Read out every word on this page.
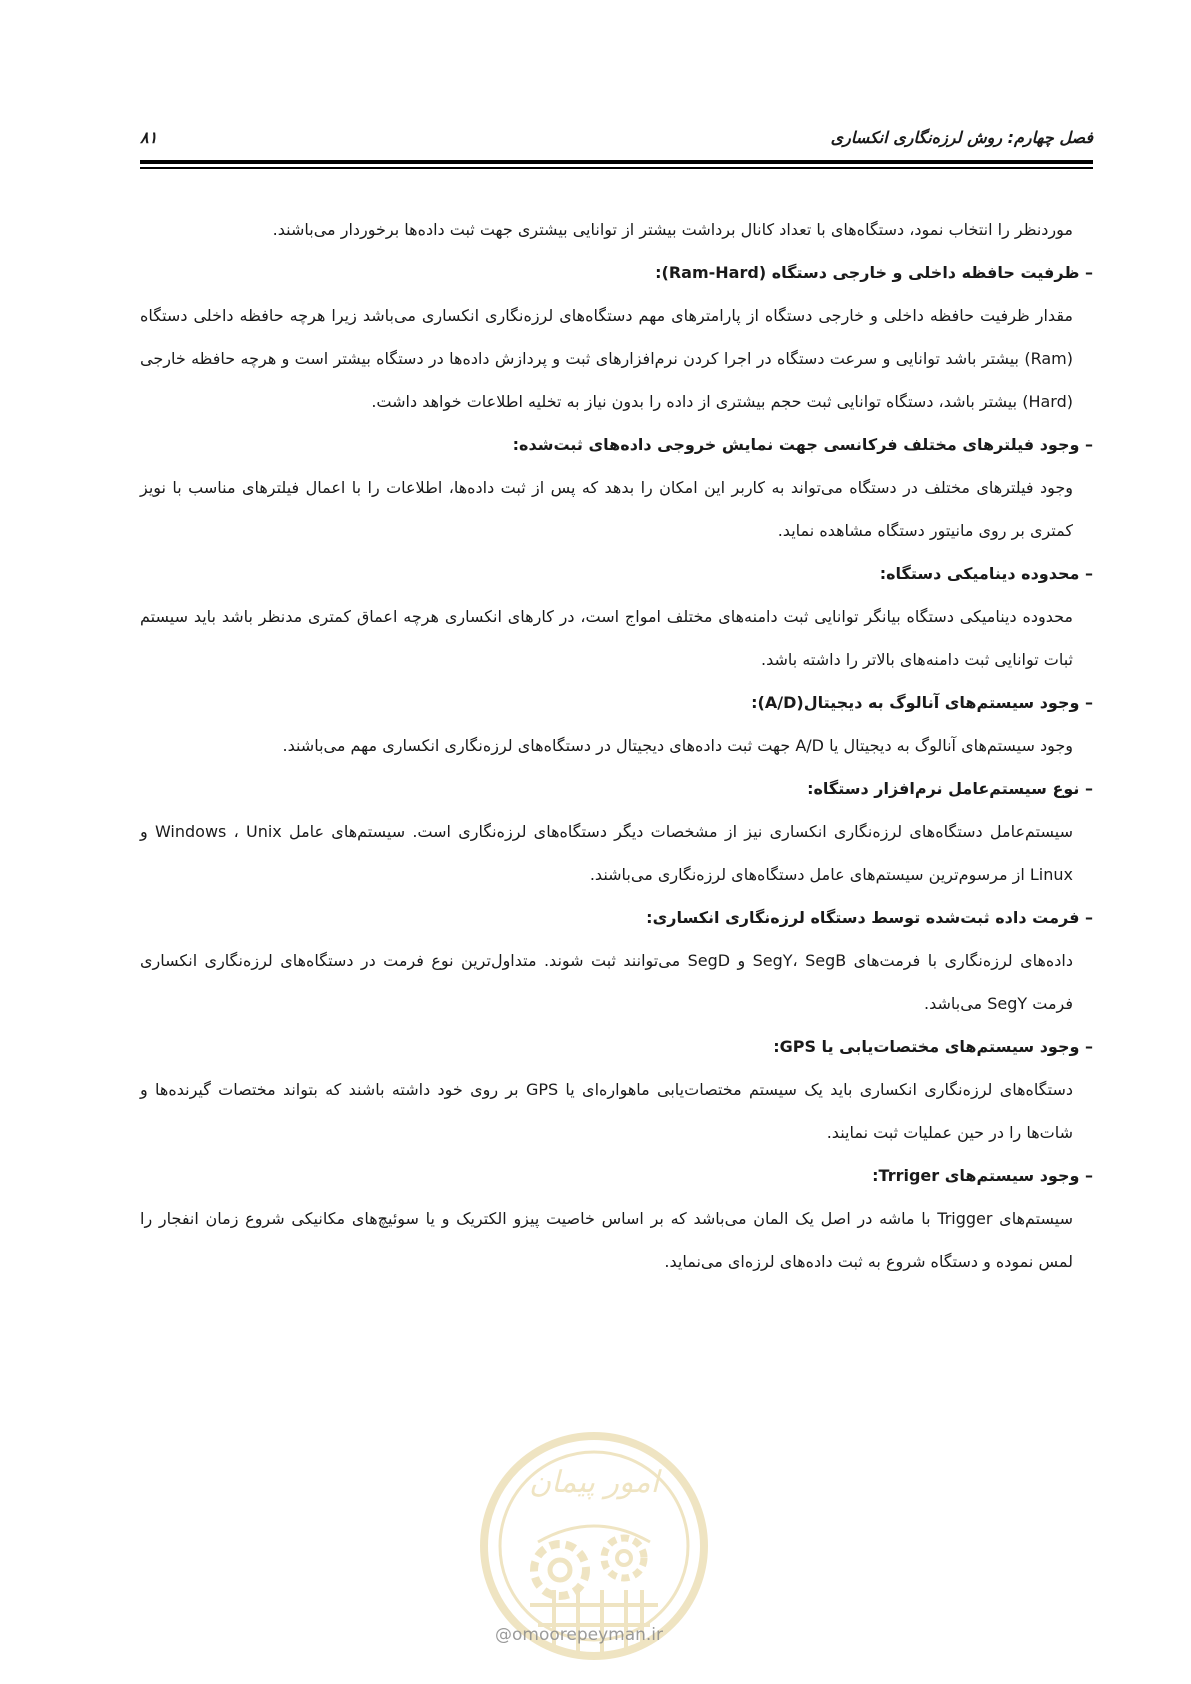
فصل چهارم: روش لرزه‌نگاری انکساری
۸۱

موردنظر را انتخاب نمود، دستگاه‌های با تعداد کانال برداشت بیشتر از توانایی بیشتری جهت ثبت داده‌ها برخوردار می‌باشند.

– ظرفیت حافظه داخلی و خارجی دستگاه (Ram-Hard):

مقدار ظرفیت حافظه داخلی و خارجی دستگاه از پارامترهای مهم دستگاه‌های لرزه‌نگاری انکساری می‌باشد زیرا هرچه حافظه داخلی دستگاه (Ram) بیشتر باشد توانایی و سرعت دستگاه در اجرا کردن نرم‌افزارهای ثبت و پردازش داده‌ها در دستگاه بیشتر است و هرچه حافظه خارجی (Hard) بیشتر باشد، دستگاه توانایی ثبت حجم بیشتری از داده را بدون نیاز به تخلیه اطلاعات خواهد داشت.

– وجود فیلترهای مختلف فرکانسی جهت نمایش خروجی داده‌های ثبت‌شده:

وجود فیلترهای مختلف در دستگاه می‌تواند به کاربر این امکان را بدهد که پس از ثبت داده‌ها، اطلاعات را با اعمال فیلترهای مناسب با نویز کمتری بر روی مانیتور دستگاه مشاهده نماید.

– محدوده دینامیکی دستگاه:

محدوده دینامیکی دستگاه بیانگر توانایی ثبت دامنه‌های مختلف امواج است، در کارهای انکساری هرچه اعماق کمتری مدنظر باشد باید سیستم ثبات توانایی ثبت دامنه‌های بالاتر را داشته باشد.

– وجود سیستم‌های آنالوگ به دیجیتال(A/D):

وجود سیستم‌های آنالوگ به دیجیتال یا A/D جهت ثبت داده‌های دیجیتال در دستگاه‌های لرزه‌نگاری انکساری مهم می‌باشند.

– نوع سیستم‌عامل نرم‌افزار دستگاه:

سیستم‌عامل دستگاه‌های لرزه‌نگاری انکساری نیز از مشخصات دیگر دستگاه‌های لرزه‌نگاری است. سیستم‌های عامل Windows ، Unix و Linux از مرسوم‌ترین سیستم‌های عامل دستگاه‌های لرزه‌نگاری می‌باشند.

– فرمت داده ثبت‌شده توسط دستگاه لرزه‌نگاری انکساری:

داده‌های لرزه‌نگاری با فرمت‌های SegY، SegB و SegD می‌توانند ثبت شوند. متداول‌ترین نوع فرمت در دستگاه‌های لرزه‌نگاری انکساری فرمت SegY می‌باشد.

– وجود سیستم‌های مختصات‌یابی یا GPS:

دستگاه‌های لرزه‌نگاری انکساری باید یک سیستم مختصات‌یابی ماهواره‌ای یا GPS بر روی خود داشته باشند که بتواند مختصات گیرنده‌ها و شات‌ها را در حین عملیات ثبت نمایند.

– وجود سیستم‌های Trriger:

سیستم‌های Trigger با ماشه در اصل یک المان می‌باشد که بر اساس خاصیت پیزو الکتریک و یا سوئیچ‌های مکانیکی شروع زمان انفجار را لمس نموده و دستگاه شروع به ثبت داده‌های لرزه‌ای می‌نماید.

امور پیمان
@omoorepeyman.ir
